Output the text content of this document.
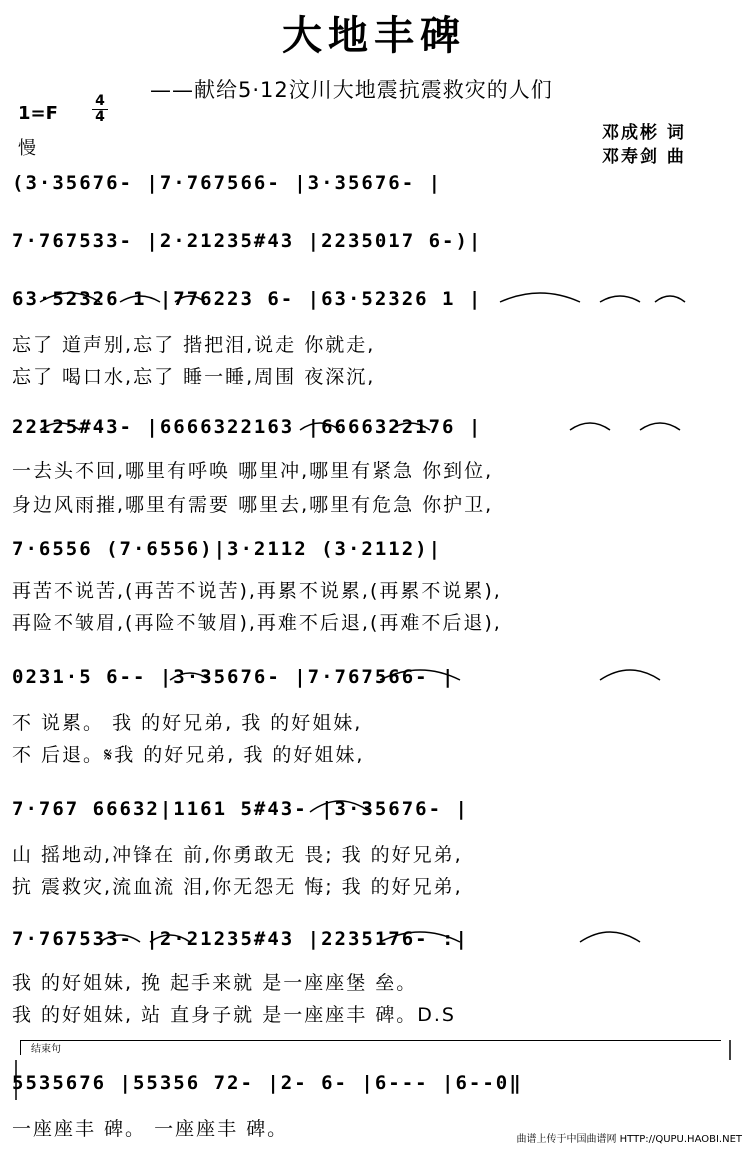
大地丰碑
——献给5·12汶川大地震抗震救灾的人们
1=F
4
4
慢
邓成彬 词
邓寿剑 曲
(3·35676- |7·767566- |3·35676- |
7·767533- |2·21235#43 |2235017 6-)|
63·52326 1 |776223 6- |63·52326 1 |
忘了 道声别,忘了 揩把泪,说走 你就走,
忘了 喝口水,忘了 睡一睡,周围 夜深沉,
22125#43- |6666322163 |6666322176 |
一去头不回,哪里有呼唤 哪里冲,哪里有紧急 你到位,
身边风雨摧,哪里有需要 哪里去,哪里有危急 你护卫,
7·6556 (7·6556)|3·2112 (3·2112)|
再苦不说苦,(再苦不说苦),再累不说累,(再累不说累),
再险不皱眉,(再险不皱眉),再难不后退,(再难不后退),
0231·5 6-- |3·35676- |7·767566- |
不 说累。 我 的好兄弟, 我 的好姐妹,
不 后退。𝄋我 的好兄弟, 我 的好姐妹,
7·767 66632|1161 5#43- |3·35676- |
山 摇地动,冲锋在 前,你勇敢无 畏; 我 的好兄弟,
抗 震救灾,流血流 泪,你无怨无 悔; 我 的好兄弟,
7·767533- |2·21235#43 |2235176- :|
我 的好姐妹, 挽 起手来就 是一座座堡 垒。
我 的好姐妹, 站 直身子就 是一座座丰 碑。D.S
结束句
5535676 |55356 72- |2- 6- |6--- |6--0‖
一座座丰 碑。 一座座丰 碑。	曲谱上传于中国曲谱网 HTTP://QUPU.HAOBI.NET
